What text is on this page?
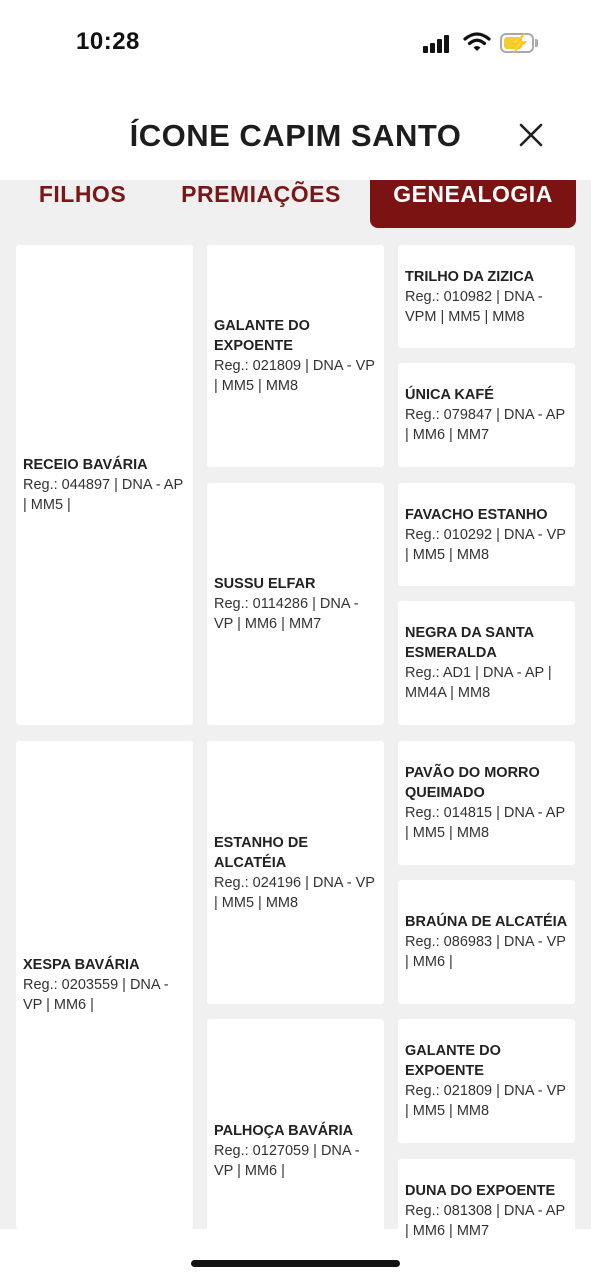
10:28	⚡
ÍCONE CAPIM SANTO
FILHOS	PREMIAÇÕES	GENEALOGIA
RECEIO BAVÁRIA
Reg.: 044897 | DNA - AP | MM5 |
XESPA BAVÁRIA
Reg.: 0203559 | DNA - VP | MM6 |
GALANTE DO EXPOENTE
Reg.: 021809 | DNA - VP | MM5 | MM8
SUSSU ELFAR
Reg.: 0114286 | DNA - VP | MM6 | MM7
ESTANHO DE ALCATÉIA
Reg.: 024196 | DNA - VP | MM5 | MM8
PALHOÇA BAVÁRIA
Reg.: 0127059 | DNA - VP | MM6 |
TRILHO DA ZIZICA
Reg.: 010982 | DNA - VPM | MM5 | MM8
ÚNICA KAFÉ
Reg.: 079847 | DNA - AP | MM6 | MM7
FAVACHO ESTANHO
Reg.: 010292 | DNA - VP | MM5 | MM8
NEGRA DA SANTA ESMERALDA
Reg.: AD1 | DNA - AP | MM4A | MM8
PAVÃO DO MORRO QUEIMADO
Reg.: 014815 | DNA - AP | MM5 | MM8
BRAÚNA DE ALCATÉIA
Reg.: 086983 | DNA - VP | MM6 |
GALANTE DO EXPOENTE
Reg.: 021809 | DNA - VP | MM5 | MM8
DUNA DO EXPOENTE
Reg.: 081308 | DNA - AP | MM6 | MM7
